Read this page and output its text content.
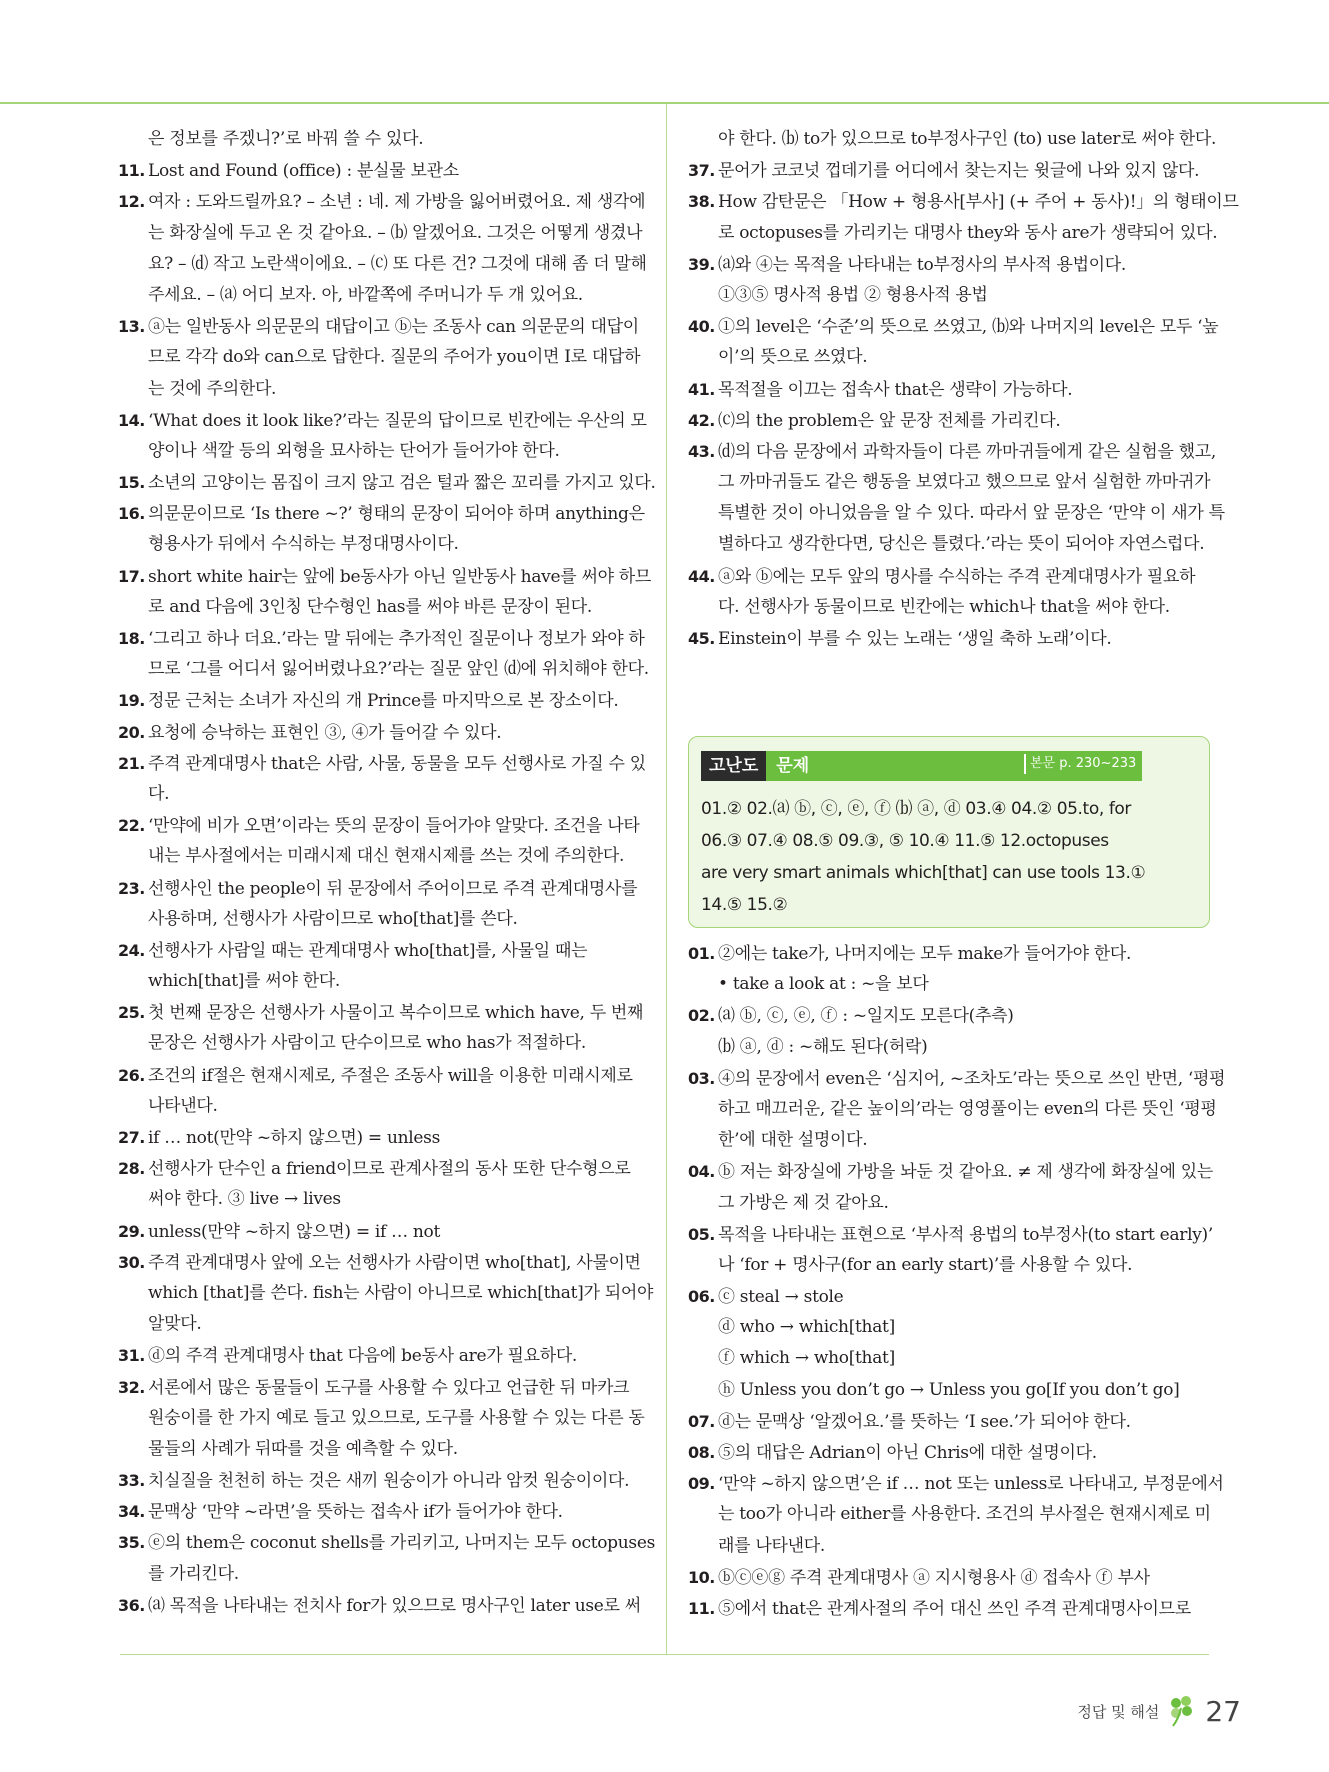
은 정보를 주겠니?’로 바꿔 쓸 수 있다.
11. Lost and Found (office) : 분실물 보관소
12. 여자 : 도와드릴까요? – 소년 : 네. 제 가방을 잃어버렸어요. 제 생각에
는 화장실에 두고 온 것 같아요. – ⒝ 알겠어요. 그것은 어떻게 생겼나
요? – ⒟ 작고 노란색이에요. – ⒞ 또 다른 건? 그것에 대해 좀 더 말해
주세요. – ⒜ 어디 보자. 아, 바깥쪽에 주머니가 두 개 있어요.
13. ⓐ는 일반동사 의문문의 대답이고 ⓑ는 조동사 can 의문문의 대답이
므로 각각 do와 can으로 답한다. 질문의 주어가 you이면 I로 대답하
는 것에 주의한다.
14. ‘What does it look like?’라는 질문의 답이므로 빈칸에는 우산의 모
양이나 색깔 등의 외형을 묘사하는 단어가 들어가야 한다.
15. 소년의 고양이는 몸집이 크지 않고 검은 털과 짧은 꼬리를 가지고 있다.
16. 의문문이므로 ‘Is there ~?’ 형태의 문장이 되어야 하며 anything은
형용사가 뒤에서 수식하는 부정대명사이다.
17. short white hair는 앞에 be동사가 아닌 일반동사 have를 써야 하므
로 and 다음에 3인칭 단수형인 has를 써야 바른 문장이 된다.
18. ‘그리고 하나 더요.’라는 말 뒤에는 추가적인 질문이나 정보가 와야 하
므로 ‘그를 어디서 잃어버렸나요?’라는 질문 앞인 ⒟에 위치해야 한다.
19. 정문 근처는 소녀가 자신의 개 Prince를 마지막으로 본 장소이다.
20. 요청에 승낙하는 표현인 ③, ④가 들어갈 수 있다.
21. 주격 관계대명사 that은 사람, 사물, 동물을 모두 선행사로 가질 수 있
다.
22. ‘만약에 비가 오면’이라는 뜻의 문장이 들어가야 알맞다. 조건을 나타
내는 부사절에서는 미래시제 대신 현재시제를 쓰는 것에 주의한다.
23. 선행사인 the people이 뒤 문장에서 주어이므로 주격 관계대명사를
사용하며, 선행사가 사람이므로 who[that]를 쓴다.
24. 선행사가 사람일 때는 관계대명사 who[that]를, 사물일 때는
which[that]를 써야 한다.
25. 첫 번째 문장은 선행사가 사물이고 복수이므로 which have, 두 번째
문장은 선행사가 사람이고 단수이므로 who has가 적절하다.
26. 조건의 if절은 현재시제로, 주절은 조동사 will을 이용한 미래시제로
나타낸다.
27. if … not(만약 ~하지 않으면) = unless
28. 선행사가 단수인 a friend이므로 관계사절의 동사 또한 단수형으로
써야 한다. ③ live → lives
29. unless(만약 ~하지 않으면) = if … not
30. 주격 관계대명사 앞에 오는 선행사가 사람이면 who[that], 사물이면
which [that]를 쓴다. fish는 사람이 아니므로 which[that]가 되어야
알맞다.
31. ⓓ의 주격 관계대명사 that 다음에 be동사 are가 필요하다.
32. 서론에서 많은 동물들이 도구를 사용할 수 있다고 언급한 뒤 마카크
원숭이를 한 가지 예로 들고 있으므로, 도구를 사용할 수 있는 다른 동
물들의 사례가 뒤따를 것을 예측할 수 있다.
33. 치실질을 천천히 하는 것은 새끼 원숭이가 아니라 암컷 원숭이이다.
34. 문맥상 ‘만약 ~라면’을 뜻하는 접속사 if가 들어가야 한다.
35. ⓔ의 them은 coconut shells를 가리키고, 나머지는 모두 octopuses
를 가리킨다.
36. ⒜ 목적을 나타내는 전치사 for가 있으므로 명사구인 later use로 써
야 한다. ⒝ to가 있으므로 to부정사구인 (to) use later로 써야 한다.
37. 문어가 코코넛 껍데기를 어디에서 찾는지는 윗글에 나와 있지 않다.
38. How 감탄문은 「How + 형용사[부사] (+ 주어 + 동사)!」의 형태이므
로 octopuses를 가리키는 대명사 they와 동사 are가 생략되어 있다.
39. ⒜와 ④는 목적을 나타내는 to부정사의 부사적 용법이다.
①③⑤ 명사적 용법 ② 형용사적 용법
40. ①의 level은 ‘수준’의 뜻으로 쓰였고, ⒝와 나머지의 level은 모두 ‘높
이’의 뜻으로 쓰였다.
41. 목적절을 이끄는 접속사 that은 생략이 가능하다.
42. ⒞의 the problem은 앞 문장 전체를 가리킨다.
43. ⒟의 다음 문장에서 과학자들이 다른 까마귀들에게 같은 실험을 했고,
그 까마귀들도 같은 행동을 보였다고 했으므로 앞서 실험한 까마귀가
특별한 것이 아니었음을 알 수 있다. 따라서 앞 문장은 ‘만약 이 새가 특
별하다고 생각한다면, 당신은 틀렸다.’라는 뜻이 되어야 자연스럽다.
44. ⓐ와 ⓑ에는 모두 앞의 명사를 수식하는 주격 관계대명사가 필요하
다. 선행사가 동물이므로 빈칸에는 which나 that을 써야 한다.
45. Einstein이 부를 수 있는 노래는 ‘생일 축하 노래’이다.
고난도	문제	본문 p. 230~233
01.② 02.⒜ ⓑ, ⓒ, ⓔ, ⓕ ⒝ ⓐ, ⓓ 03.④ 04.② 05.to, for
06.③ 07.④ 08.⑤ 09.③, ⑤ 10.④ 11.⑤ 12.octopuses
are very smart animals which[that] can use tools 13.①
14.⑤ 15.②
01. ②에는 take가, 나머지에는 모두 make가 들어가야 한다.
• take a look at : ~을 보다
02. ⒜ ⓑ, ⓒ, ⓔ, ⓕ : ~일지도 모른다(추측)
⒝ ⓐ, ⓓ : ~해도 된다(허락)
03. ④의 문장에서 even은 ‘심지어, ~조차도’라는 뜻으로 쓰인 반면, ‘평평
하고 매끄러운, 같은 높이의’라는 영영풀이는 even의 다른 뜻인 ‘평평
한’에 대한 설명이다.
04. ⓑ 저는 화장실에 가방을 놔둔 것 같아요. ≠ 제 생각에 화장실에 있는
그 가방은 제 것 같아요.
05. 목적을 나타내는 표현으로 ‘부사적 용법의 to부정사(to start early)’
나 ‘for + 명사구(for an early start)’를 사용할 수 있다.
06. ⓒ steal → stole
ⓓ who → which[that]
ⓕ which → who[that]
ⓗ Unless you don’t go → Unless you go[If you don’t go]
07. ⓓ는 문맥상 ‘알겠어요.’를 뜻하는 ‘I see.’가 되어야 한다.
08. ⑤의 대답은 Adrian이 아닌 Chris에 대한 설명이다.
09. ‘만약 ~하지 않으면’은 if … not 또는 unless로 나타내고, 부정문에서
는 too가 아니라 either를 사용한다. 조건의 부사절은 현재시제로 미
래를 나타낸다.
10. ⓑⓒⓔⓖ 주격 관계대명사 ⓐ 지시형용사 ⓓ 접속사 ⓕ 부사
11. ⑤에서 that은 관계사절의 주어 대신 쓰인 주격 관계대명사이므로
정답 및 해설 27
